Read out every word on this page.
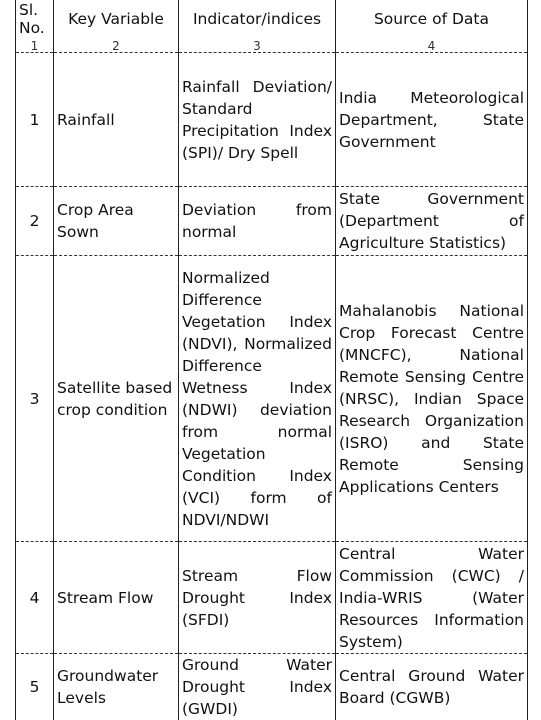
Sl. No.	Key Variable	Indicator/indices	Source of Data
1	2	3	4
1	Rainfall	Rainfall Deviation/ Standard Precipitation Index (SPI)/ Dry Spell	India Meteorological Department, State Government
2	Crop Area Sown	Deviation from normal	State Government (Department of Agriculture Statistics)
3	Satellite based crop condition	Normalized Difference Vegetation Index (NDVI), Normalized Difference Wetness Index (NDWI) deviation from normal Vegetation Condition Index (VCI) form of NDVI/NDWI	Mahalanobis National Crop Forecast Centre (MNCFC), National Remote Sensing Centre (NRSC), Indian Space Research Organization (ISRO) and State Remote Sensing Applications Centers
4	Stream Flow	Stream Flow Drought Index (SFDI)	Central Water Commission (CWC) / India-WRIS (Water Resources Information System)
5	Groundwater Levels	Ground Water Drought Index (GWDI)	Central Ground Water Board (CGWB)
